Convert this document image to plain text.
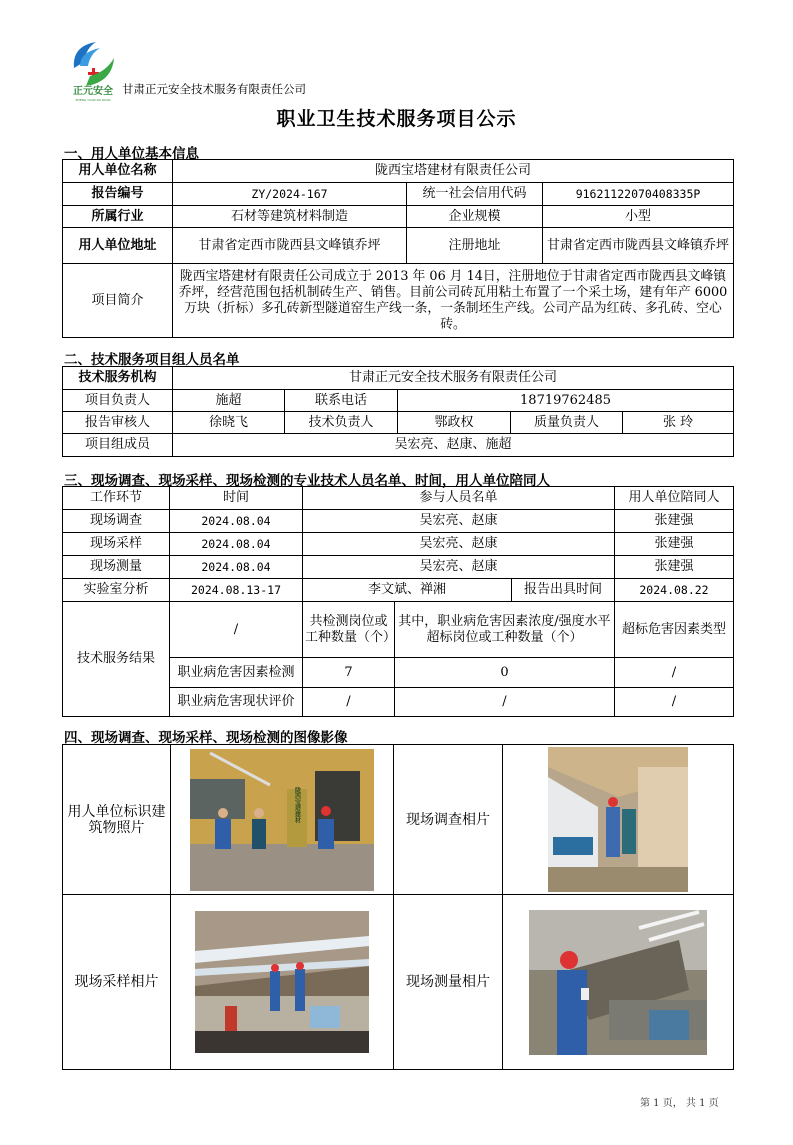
正元安全
ZHENG YUAN AN QUAN
甘肃正元安全技术服务有限责任公司
职业卫生技术服务项目公示
一、用人单位基本信息
用人单位名称	陇西宝塔建材有限责任公司		
报告编号	ZY/2024-167	统一社会信用代码	91621122070408335P
所属行业	石材等建筑材料制造	企业规模	小型
用人单位地址	甘肃省定西市陇西县文峰镇乔坪	注册地址	甘肃省定西市陇西县文峰镇乔坪
项目简介	陇西宝塔建材有限责任公司成立于 2013 年 06 月 14日，注册地位于甘肃省定西市陇西县文峰镇乔坪，经营范围包括机制砖生产、销售。目前公司砖瓦用粘土布置了一个采土场，建有年产 6000 万块（折标）多孔砖新型隧道窑生产线一条，一条制坯生产线。公司产品为红砖、多孔砖、空心砖。		
二、技术服务项目组人员名单
技术服务机构	甘肃正元安全技术服务有限责任公司				
项目负责人	施超	联系电话	18719762485		
报告审核人	徐晓飞	技术负责人	鄂政权	质量负责人	张 玲
项目组成员	吴宏亮、赵康、施超				
三、现场调查、现场采样、现场检测的专业技术人员名单、时间，用人单位陪同人
工作环节	时间	参与人员名单			用人单位陪同人
现场调查	2024.08.04	吴宏亮、赵康			张建强
现场采样	2024.08.04	吴宏亮、赵康			张建强
现场测量	2024.08.04	吴宏亮、赵康			张建强
实验室分析	2024.08.13-17	李文斌、禅湘		报告出具时间	2024.08.22
技术服务结果	/	共检测岗位或工种数量（个）	其中，职业病危害因素浓度/强度水平超标岗位或工种数量（个）		超标危害因素类型
	职业病危害因素检测	7	0		/
	职业病危害现状评价	/	/		/
四、现场调查、现场采样、现场检测的图像影像
用人单位标识建筑物照片	陇西宝塔建材	现场调查相片	

现场采样相片		现场测量相片	
第 1 页， 共 1 页
